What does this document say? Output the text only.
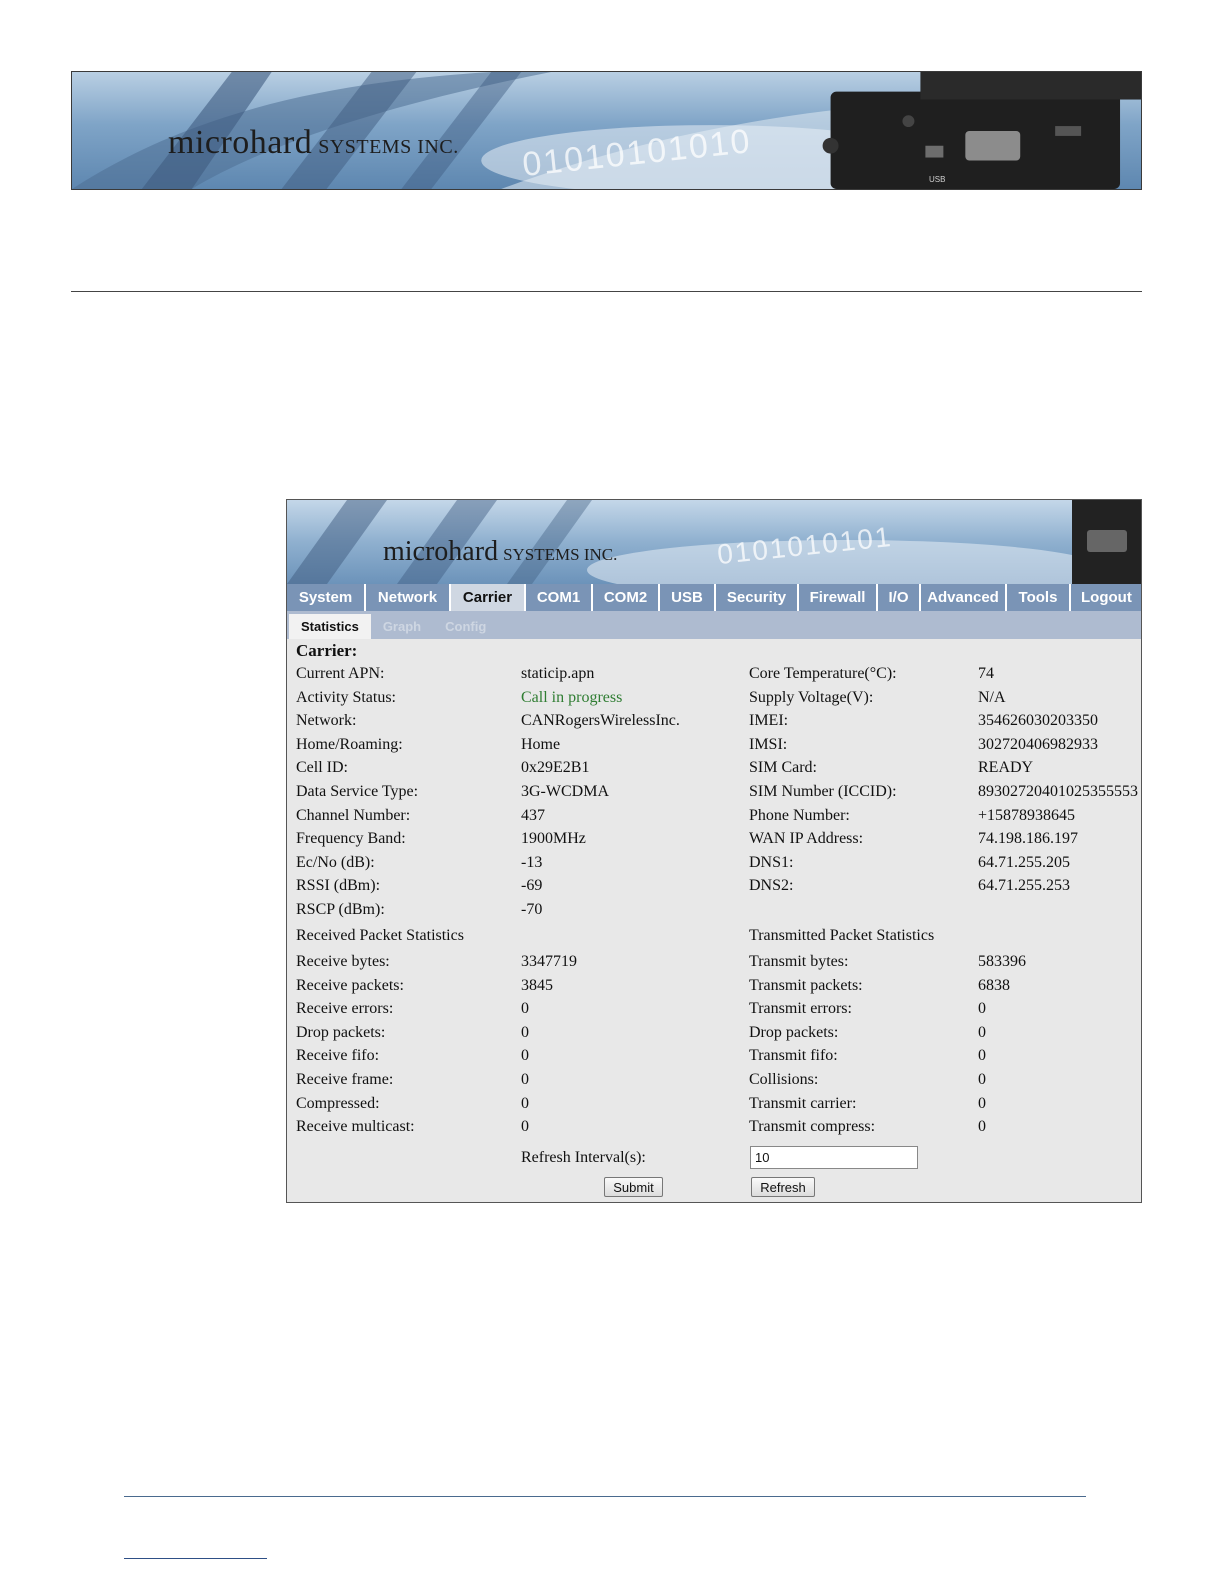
microhard SYSTEMS INC. 01010101010	USB
microhard SYSTEMS INC.	0101010101
System	Network	Carrier	COM1	COM2	USB	Security	Firewall	I/O	Advanced	Tools	Logout
Statistics	Graph	Config
Carrier:
Current APN:	staticip.apn	Core Temperature(°C):	74
Activity Status:	Call in progress	Supply Voltage(V):	N/A
Network:	CANRogersWirelessInc.	IMEI:	354626030203350
Home/Roaming:	Home	IMSI:	302720406982933
Cell ID:	0x29E2B1	SIM Card:	READY
Data Service Type:	3G-WCDMA	SIM Number (ICCID):	89302720401025355553
Channel Number:	437	Phone Number:	+15878938645
Frequency Band:	1900MHz	WAN IP Address:	74.198.186.197
Ec/No (dB):	-13	DNS1:	64.71.255.205
RSSI (dBm):	-69	DNS2:	64.71.255.253
RSCP (dBm):	-70
Received Packet Statistics	Transmitted Packet Statistics
Receive bytes:	3347719	Transmit bytes:	583396
Receive packets:	3845	Transmit packets:	6838
Receive errors:	0	Transmit errors:	0
Drop packets:	0	Drop packets:	0
Receive fifo:	0	Transmit fifo:	0
Receive frame:	0	Collisions:	0
Compressed:	0	Transmit carrier:	0
Receive multicast:	0	Transmit compress:	0
Refresh Interval(s):
10
Submit	Refresh
